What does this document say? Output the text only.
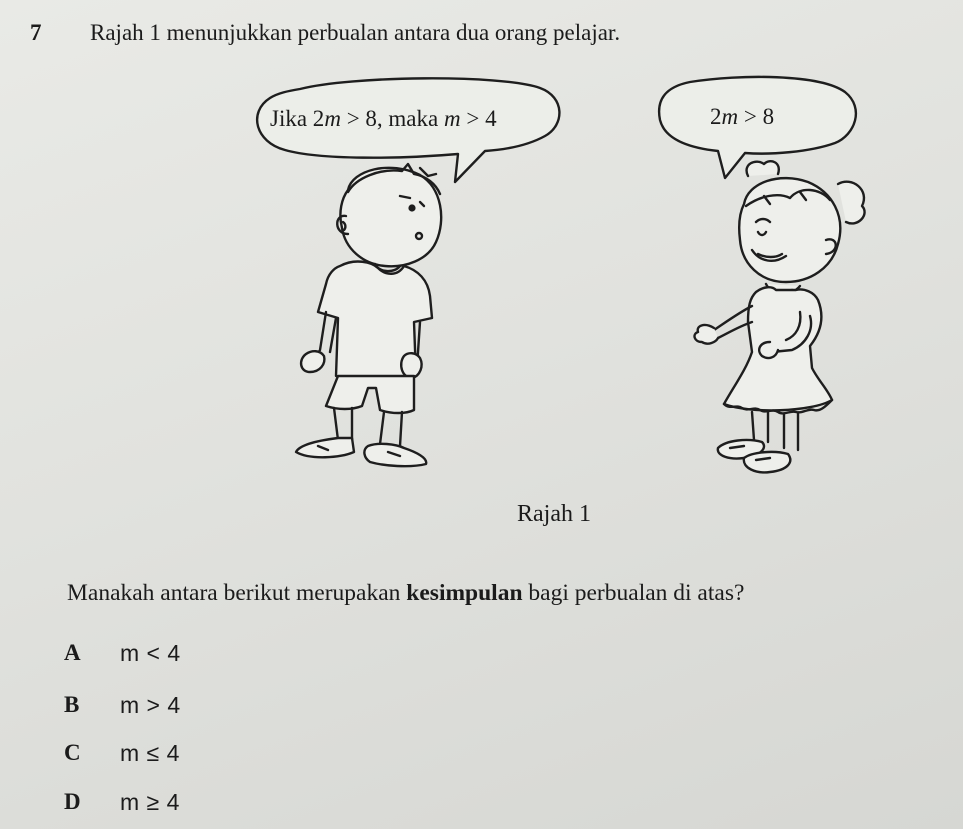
7 Rajah 1 menunjukkan perbualan antara dua orang pelajar.
Jika 2m > 8, maka m > 4	2m > 8
Rajah 1
Manakah antara berikut merupakan kesimpulan bagi perbualan di atas?
A	m < 4
B	m > 4
C	m ≤ 4
D	m ≥ 4
